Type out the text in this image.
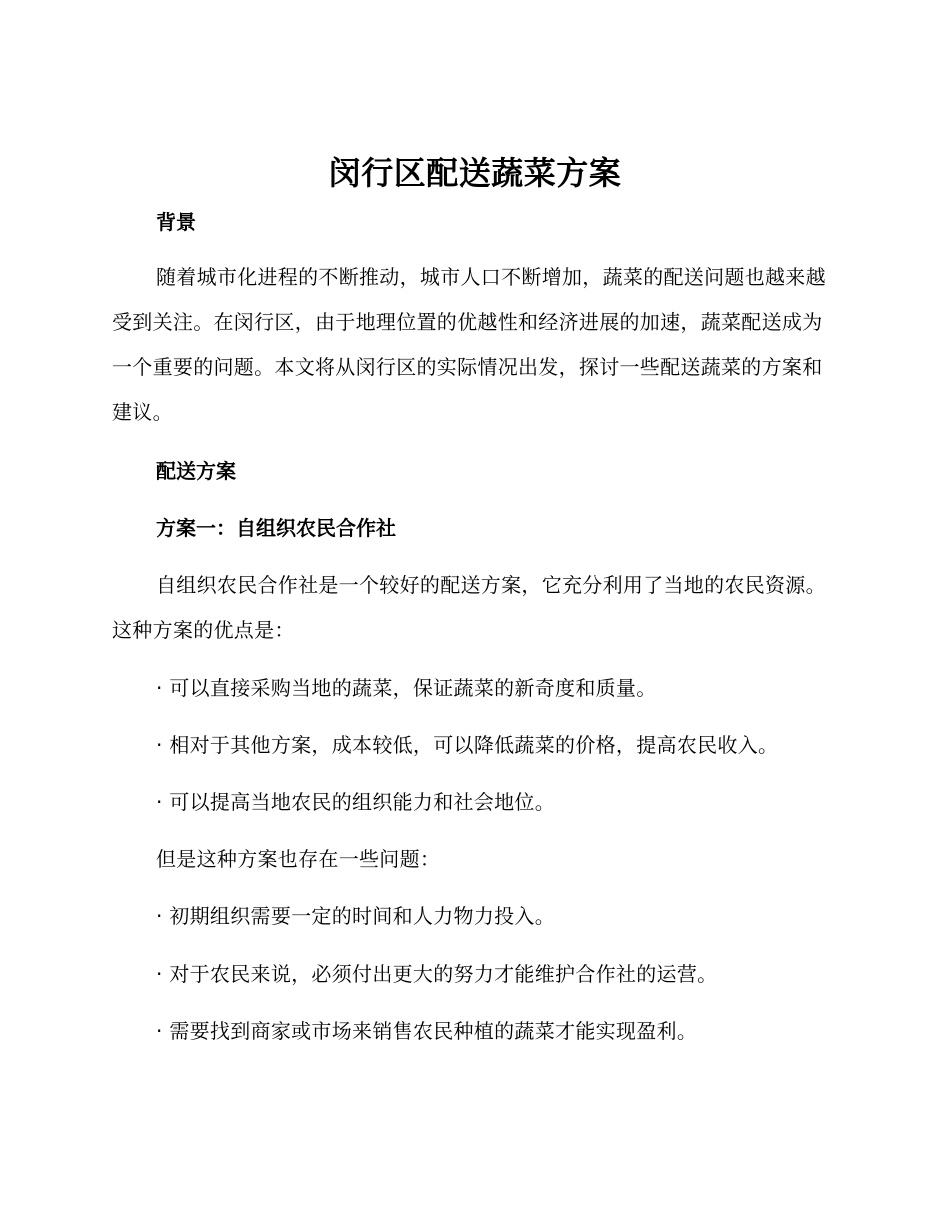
闵行区配送蔬菜方案
背景

随着城市化进程的不断推动，城市人口不断增加，蔬菜的配送问题也越来越受到关注。在闵行区，由于地理位置的优越性和经济进展的加速，蔬菜配送成为一个重要的问题。本文将从闵行区的实际情况出发，探讨一些配送蔬菜的方案和建议。

配送方案
方案一：自组织农民合作社

自组织农民合作社是一个较好的配送方案，它充分利用了当地的农民资源。这种方案的优点是：

· 可以直接采购当地的蔬菜，保证蔬菜的新奇度和质量。
· 相对于其他方案，成本较低，可以降低蔬菜的价格，提高农民收入。
· 可以提高当地农民的组织能力和社会地位。
但是这种方案也存在一些问题：
· 初期组织需要一定的时间和人力物力投入。
· 对于农民来说，必须付出更大的努力才能维护合作社的运营。
· 需要找到商家或市场来销售农民种植的蔬菜才能实现盈利。
